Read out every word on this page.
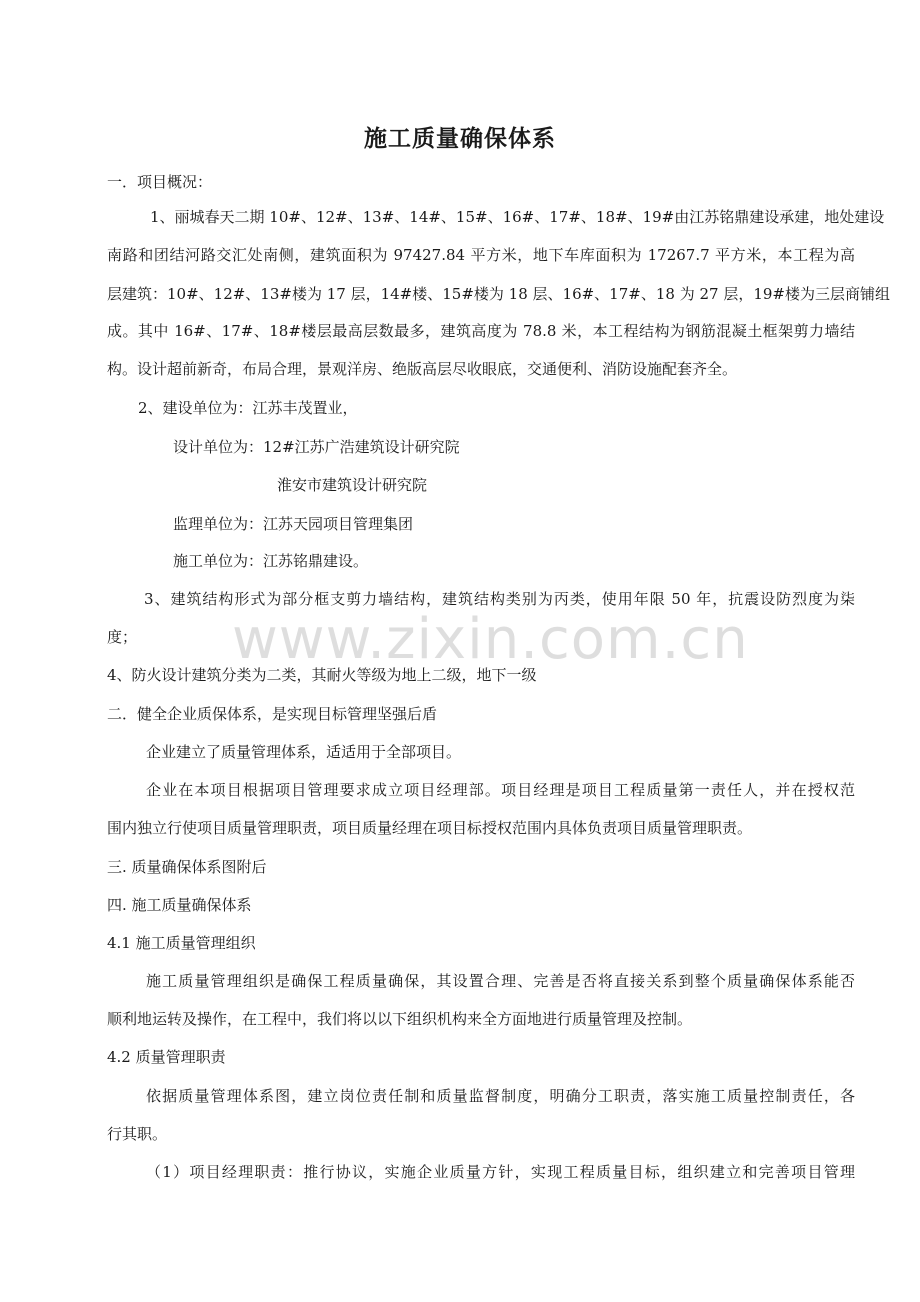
www.zixin.com.cn
施工质量确保体系
一．项目概况：
1、丽城春天二期 10#、12#、13#、14#、15#、16#、17#、18#、19#由江苏铭鼎建设承建，地处建设
南路和团结河路交汇处南侧，建筑面积为 97427.84 平方米，地下车库面积为 17267.7 平方米，本工程为高
层建筑：10#、12#、13#楼为 17 层，14#楼、15#楼为 18 层、16#、17#、18 为 27 层，19#楼为三层商铺组
成。其中 16#、17#、18#楼层最高层数最多，建筑高度为 78.8 米，本工程结构为钢筋混凝土框架剪力墙结
构。设计超前新奇，布局合理，景观洋房、绝版高层尽收眼底，交通便利、消防设施配套齐全。
2、建设单位为：江苏丰茂置业，
设计单位为：12#江苏广浩建筑设计研究院
淮安市建筑设计研究院
监理单位为：江苏天园项目管理集团
施工单位为：江苏铭鼎建设。
3、建筑结构形式为部分框支剪力墙结构，建筑结构类别为丙类，使用年限 50 年，抗震设防烈度为柒
度；
4、防火设计建筑分类为二类，其耐火等级为地上二级，地下一级
二．健全企业质保体系，是实现目标管理坚强后盾
企业建立了质量管理体系，适适用于全部项目。
企业在本项目根据项目管理要求成立项目经理部。项目经理是项目工程质量第一责任人，并在授权范
围内独立行使项目质量管理职责，项目质量经理在项目标授权范围内具体负责项目质量管理职责。
三. 质量确保体系图附后
四. 施工质量确保体系
4.1 施工质量管理组织
施工质量管理组织是确保工程质量确保，其设置合理、完善是否将直接关系到整个质量确保体系能否
顺利地运转及操作，在工程中，我们将以以下组织机构来全方面地进行质量管理及控制。
4.2 质量管理职责
依据质量管理体系图，建立岗位责任制和质量监督制度，明确分工职责，落实施工质量控制责任，各
行其职。
（1）项目经理职责：推行协议，实施企业质量方针，实现工程质量目标，组织建立和完善项目管理
